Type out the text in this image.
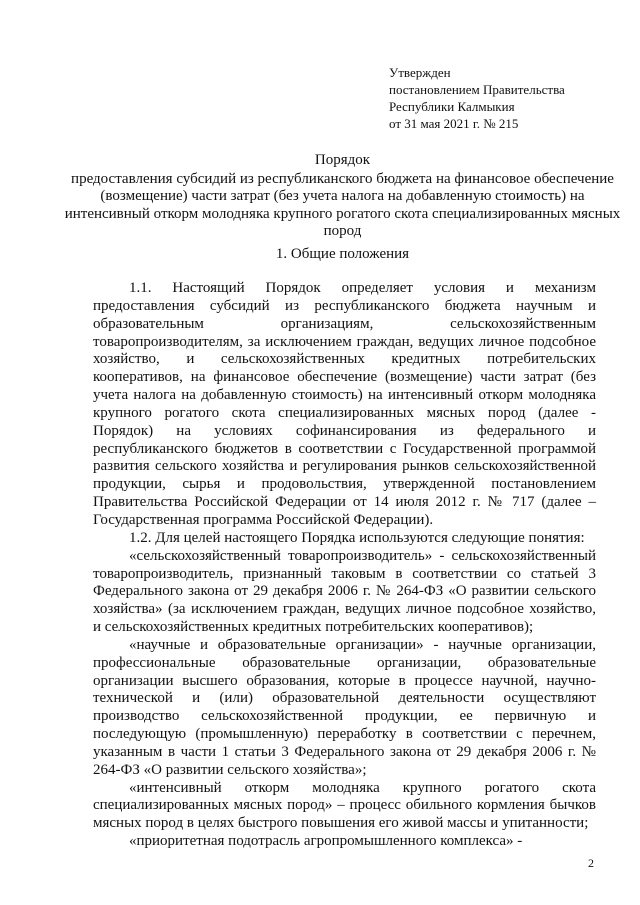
Утвержден
постановлением Правительства
Республики Калмыкия
от 31 мая 2021 г. № 215
Порядок
предоставления субсидий из республиканского бюджета на финансовое обеспечение (возмещение) части затрат (без учета налога на добавленную стоимость) на интенсивный откорм молодняка крупного рогатого скота специализированных мясных пород
1. Общие положения

1.1. Настоящий Порядок определяет условия и механизм предоставления субсидий из республиканского бюджета научным и образовательным организациям, сельскохозяйственным товаропроизводителям, за исключением граждан, ведущих личное подсобное хозяйство, и сельскохозяйственных кредитных потребительских кооперативов, на финансовое обеспечение (возмещение) части затрат (без учета налога на добавленную стоимость) на интенсивный откорм молодняка крупного рогатого скота специализированных мясных пород (далее - Порядок) на условиях софинансирования из федерального и республиканского бюджетов в соответствии с Государственной программой развития сельского хозяйства и регулирования рынков сельскохозяйственной продукции, сырья и продовольствия, утвержденной постановлением Правительства Российской Федерации от 14 июля 2012 г. № 717 (далее – Государственная программа Российской Федерации).

1.2. Для целей настоящего Порядка используются следующие понятия:

«сельскохозяйственный товаропроизводитель» - сельскохозяйственный товаропроизводитель, признанный таковым в соответствии со статьей 3 Федерального закона от 29 декабря 2006 г. № 264-ФЗ «О развитии сельского хозяйства» (за исключением граждан, ведущих личное подсобное хозяйство, и сельскохозяйственных кредитных потребительских кооперативов);

«научные и образовательные организации» - научные организации, профессиональные образовательные организации, образовательные организации высшего образования, которые в процессе научной, научно-технической и (или) образовательной деятельности осуществляют производство сельскохозяйственной продукции, ее первичную и последующую (промышленную) переработку в соответствии с перечнем, указанным в части 1 статьи 3 Федерального закона от 29 декабря 2006 г. № 264-ФЗ «О развитии сельского хозяйства»;

«интенсивный откорм молодняка крупного рогатого скота специализированных мясных пород» – процесс обильного кормления бычков мясных пород в целях быстрого повышения его живой массы и упитанности;

«приоритетная подотрасль агропромышленного комплекса» -

2
